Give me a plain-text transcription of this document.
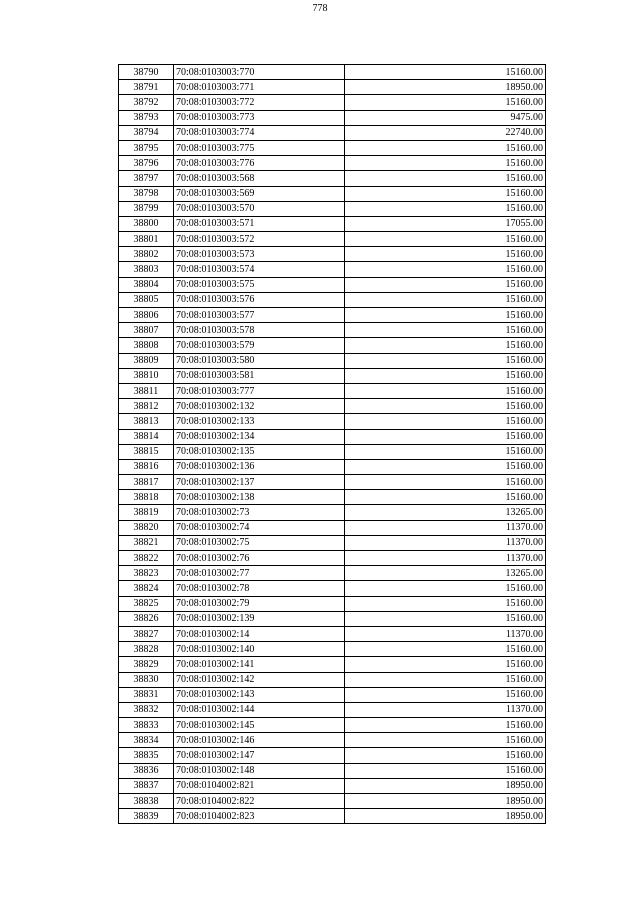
778
38790	70:08:0103003:770	15160.00
38791	70:08:0103003:771	18950.00
38792	70:08:0103003:772	15160.00
38793	70:08:0103003:773	9475.00
38794	70:08:0103003:774	22740.00
38795	70:08:0103003:775	15160.00
38796	70:08:0103003:776	15160.00
38797	70:08:0103003:568	15160.00
38798	70:08:0103003:569	15160.00
38799	70:08:0103003:570	15160.00
38800	70:08:0103003:571	17055.00
38801	70:08:0103003:572	15160.00
38802	70:08:0103003:573	15160.00
38803	70:08:0103003:574	15160.00
38804	70:08:0103003:575	15160.00
38805	70:08:0103003:576	15160.00
38806	70:08:0103003:577	15160.00
38807	70:08:0103003:578	15160.00
38808	70:08:0103003:579	15160.00
38809	70:08:0103003:580	15160.00
38810	70:08:0103003:581	15160.00
38811	70:08:0103003:777	15160.00
38812	70:08:0103002:132	15160.00
38813	70:08:0103002:133	15160.00
38814	70:08:0103002:134	15160.00
38815	70:08:0103002:135	15160.00
38816	70:08:0103002:136	15160.00
38817	70:08:0103002:137	15160.00
38818	70:08:0103002:138	15160.00
38819	70:08:0103002:73	13265.00
38820	70:08:0103002:74	11370.00
38821	70:08:0103002:75	11370.00
38822	70:08:0103002:76	11370.00
38823	70:08:0103002:77	13265.00
38824	70:08:0103002:78	15160.00
38825	70:08:0103002:79	15160.00
38826	70:08:0103002:139	15160.00
38827	70:08:0103002:14	11370.00
38828	70:08:0103002:140	15160.00
38829	70:08:0103002:141	15160.00
38830	70:08:0103002:142	15160.00
38831	70:08:0103002:143	15160.00
38832	70:08:0103002:144	11370.00
38833	70:08:0103002:145	15160.00
38834	70:08:0103002:146	15160.00
38835	70:08:0103002:147	15160.00
38836	70:08:0103002:148	15160.00
38837	70:08:0104002:821	18950.00
38838	70:08:0104002:822	18950.00
38839	70:08:0104002:823	18950.00
